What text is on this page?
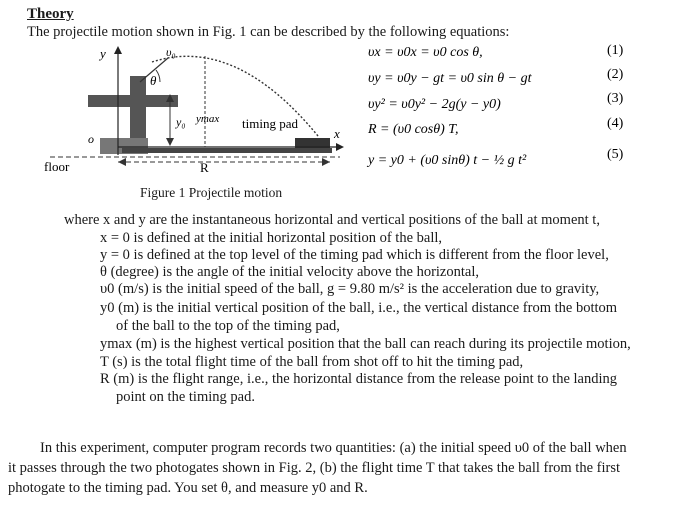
Theory
The projectile motion shown in Fig. 1 can be described by the following equations:
y	υ₀
θ
ymax
y₀	timing pad
x
o
floor	R
υx = υ0x = υ0 cos θ,	(1)
υy = υ0y − gt = υ0 sin θ − gt	(2)
υy² = υ0y² − 2g(y − y0)	(3)
R = (υ0 cosθ) T,	(4)
y = y0 + (υ0 sinθ) t − ½ g t²	(5)
Figure 1 Projectile motion
where x and y are the instantaneous horizontal and vertical positions of the ball at moment t,
x = 0 is defined at the initial horizontal position of the ball,
y = 0 is defined at the top level of the timing pad which is different from the floor level,
θ (degree) is the angle of the initial velocity above the horizontal,
υ0 (m/s) is the initial speed of the ball, g = 9.80 m/s² is the acceleration due to gravity,
y0 (m) is the initial vertical position of the ball, i.e., the vertical distance from the bottom
of the ball to the top of the timing pad,
ymax (m) is the highest vertical position that the ball can reach during its projectile motion,
T (s) is the total flight time of the ball from shot off to hit the timing pad,
R (m) is the flight range, i.e., the horizontal distance from the release point to the landing
point on the timing pad.
In this experiment, computer program records two quantities: (a) the initial speed υ0 of the ball when
it passes through the two photogates shown in Fig. 2, (b) the flight time T that takes the ball from the first
photogate to the timing pad. You set θ, and measure y0 and R.
